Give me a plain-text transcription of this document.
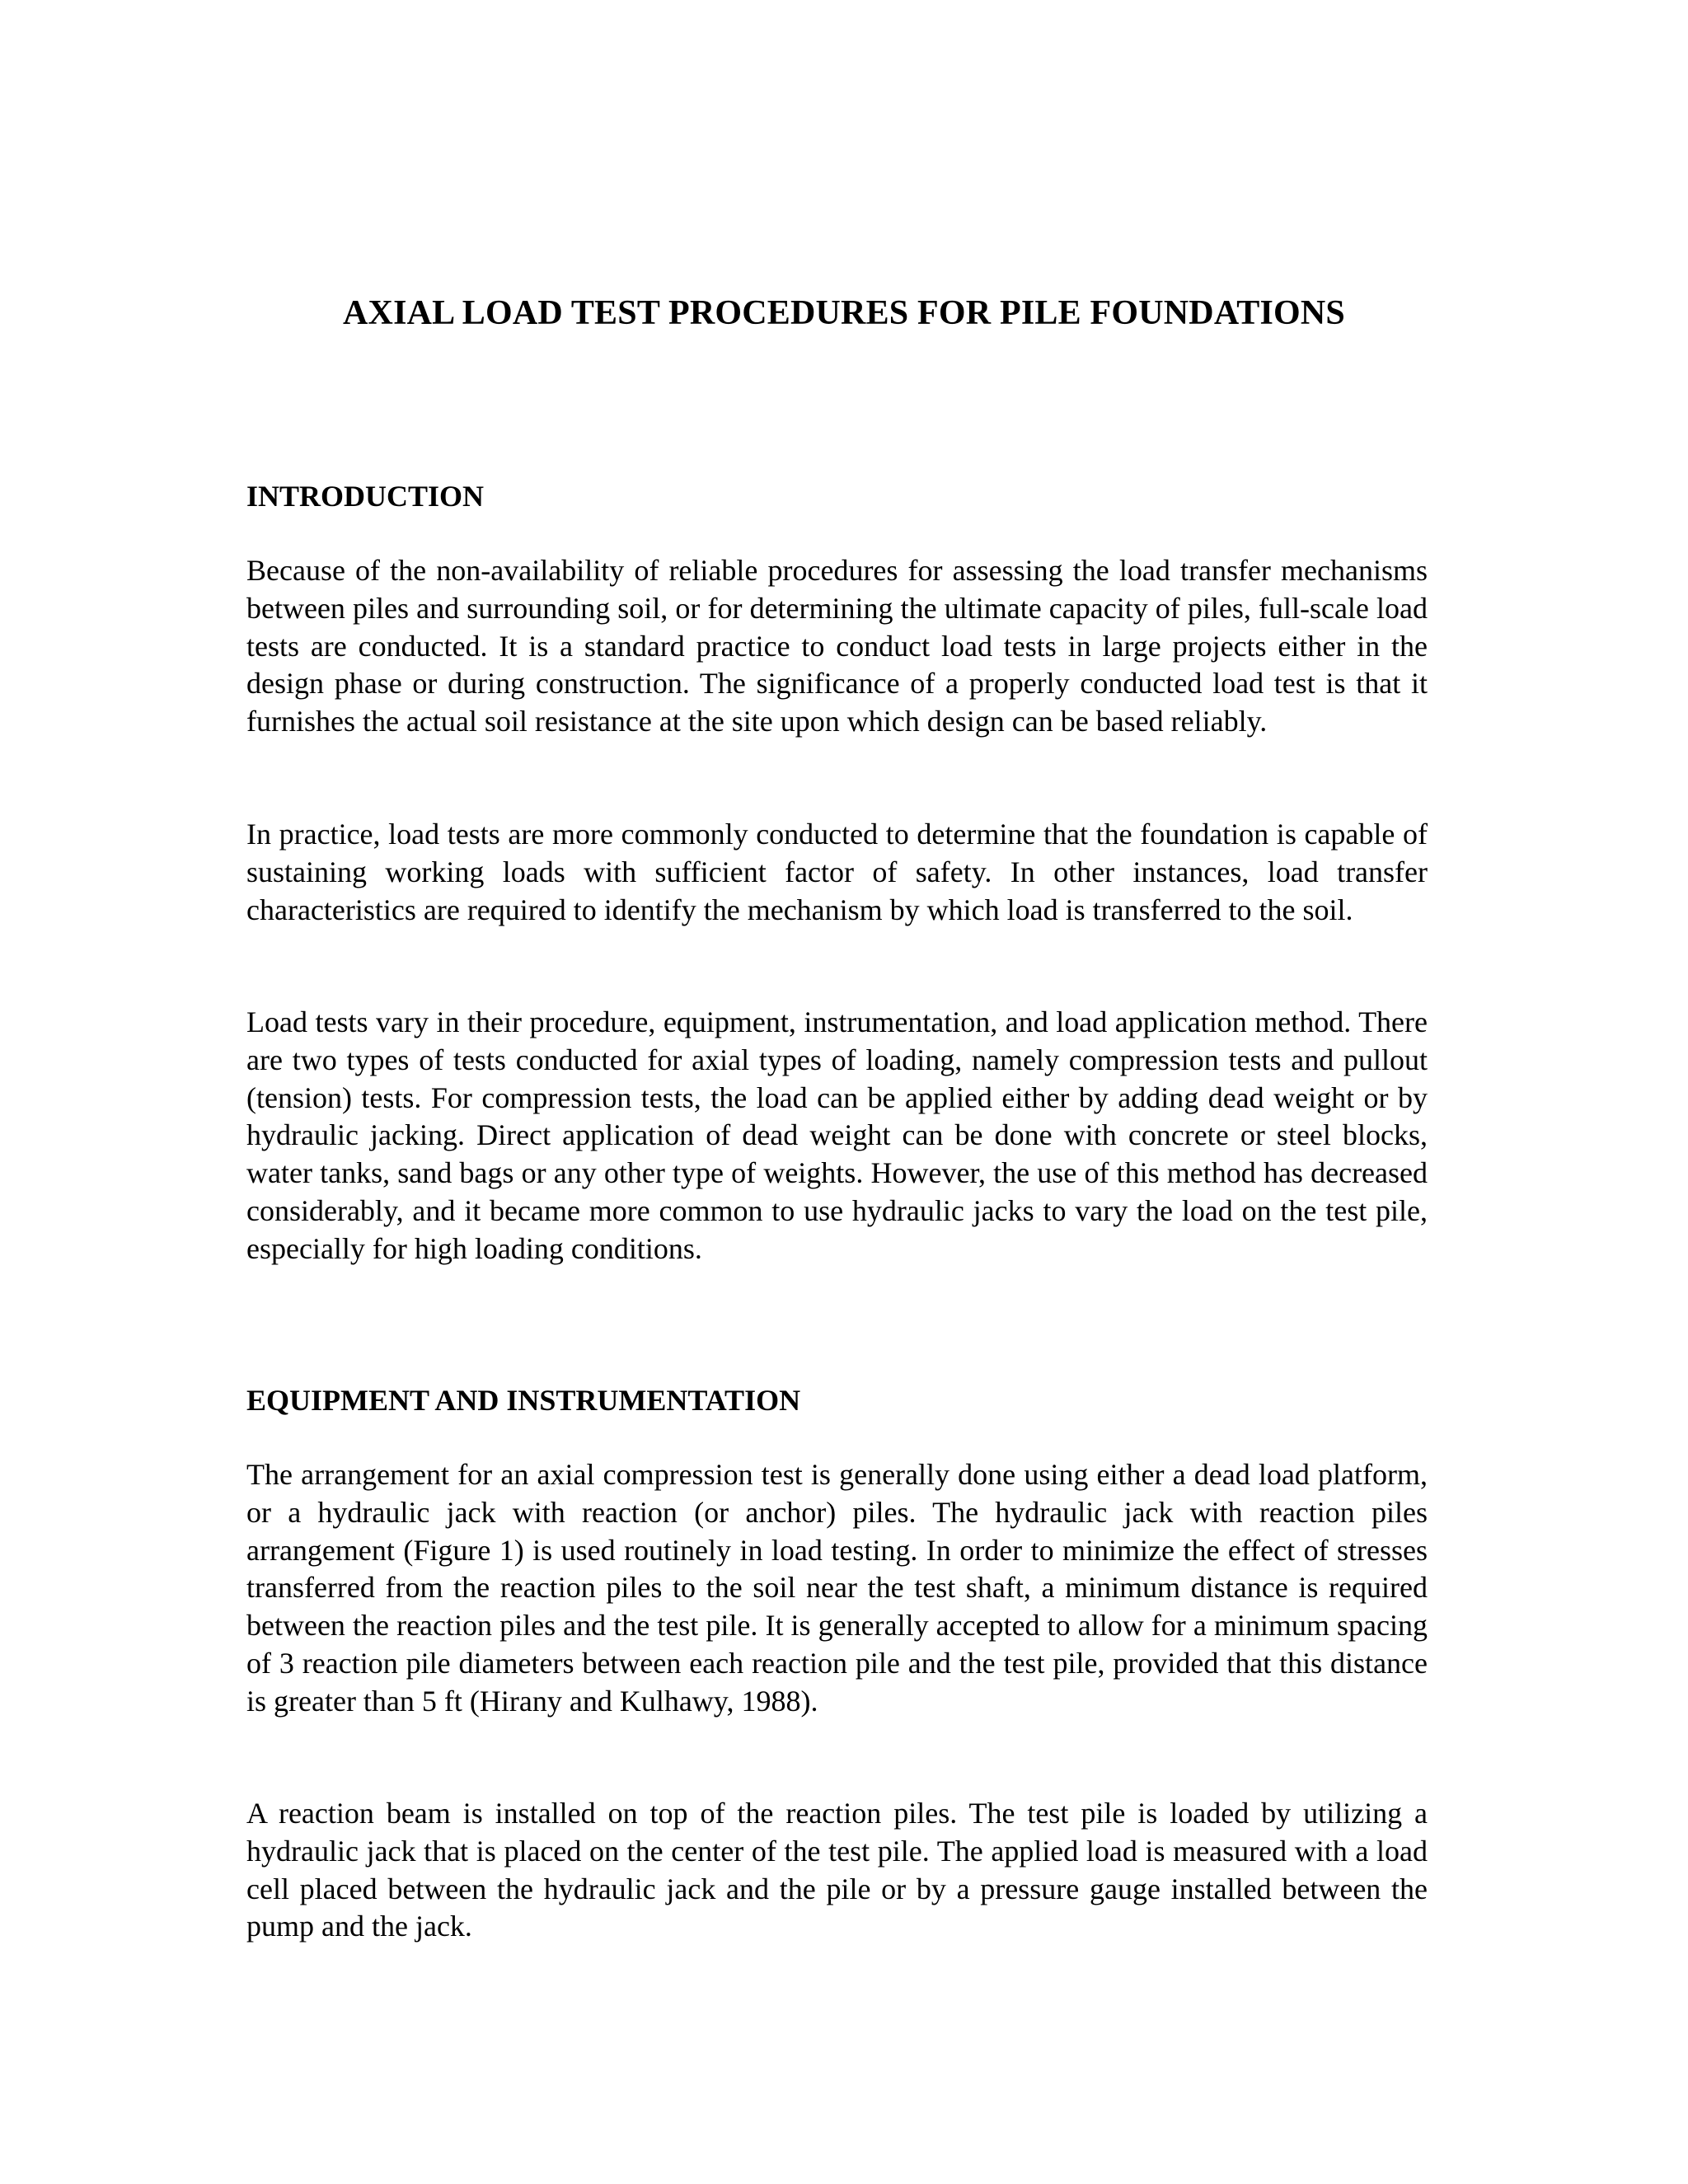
AXIAL LOAD TEST PROCEDURES FOR PILE FOUNDATIONS
INTRODUCTION

Because of the non-availability of reliable procedures for assessing the load transfer mechanisms between piles and surrounding soil, or for determining the ultimate capacity of piles, full-scale load tests are conducted. It is a standard practice to conduct load tests in large projects either in the design phase or during construction. The significance of a properly conducted load test is that it furnishes the actual soil resistance at the site upon which design can be based reliably.

In practice, load tests are more commonly conducted to determine that the foundation is capable of sustaining working loads with sufficient factor of safety. In other instances, load transfer characteristics are required to identify the mechanism by which load is transferred to the soil.

Load tests vary in their procedure, equipment, instrumentation, and load application method. There are two types of tests conducted for axial types of loading, namely compression tests and pullout (tension) tests. For compression tests, the load can be applied either by adding dead weight or by hydraulic jacking. Direct application of dead weight can be done with concrete or steel blocks, water tanks, sand bags or any other type of weights. However, the use of this method has decreased considerably, and it became more common to use hydraulic jacks to vary the load on the test pile, especially for high loading conditions.

EQUIPMENT AND INSTRUMENTATION

The arrangement for an axial compression test is generally done using either a dead load platform, or a hydraulic jack with reaction (or anchor) piles. The hydraulic jack with reaction piles arrangement (Figure 1) is used routinely in load testing. In order to minimize the effect of stresses transferred from the reaction piles to the soil near the test shaft, a minimum distance is required between the reaction piles and the test pile. It is generally accepted to allow for a minimum spacing of 3 reaction pile diameters between each reaction pile and the test pile, provided that this distance is greater than 5 ft (Hirany and Kulhawy, 1988).

A reaction beam is installed on top of the reaction piles. The test pile is loaded by utilizing a hydraulic jack that is placed on the center of the test pile. The applied load is measured with a load cell placed between the hydraulic jack and the pile or by a pressure gauge installed between the pump and the jack.
